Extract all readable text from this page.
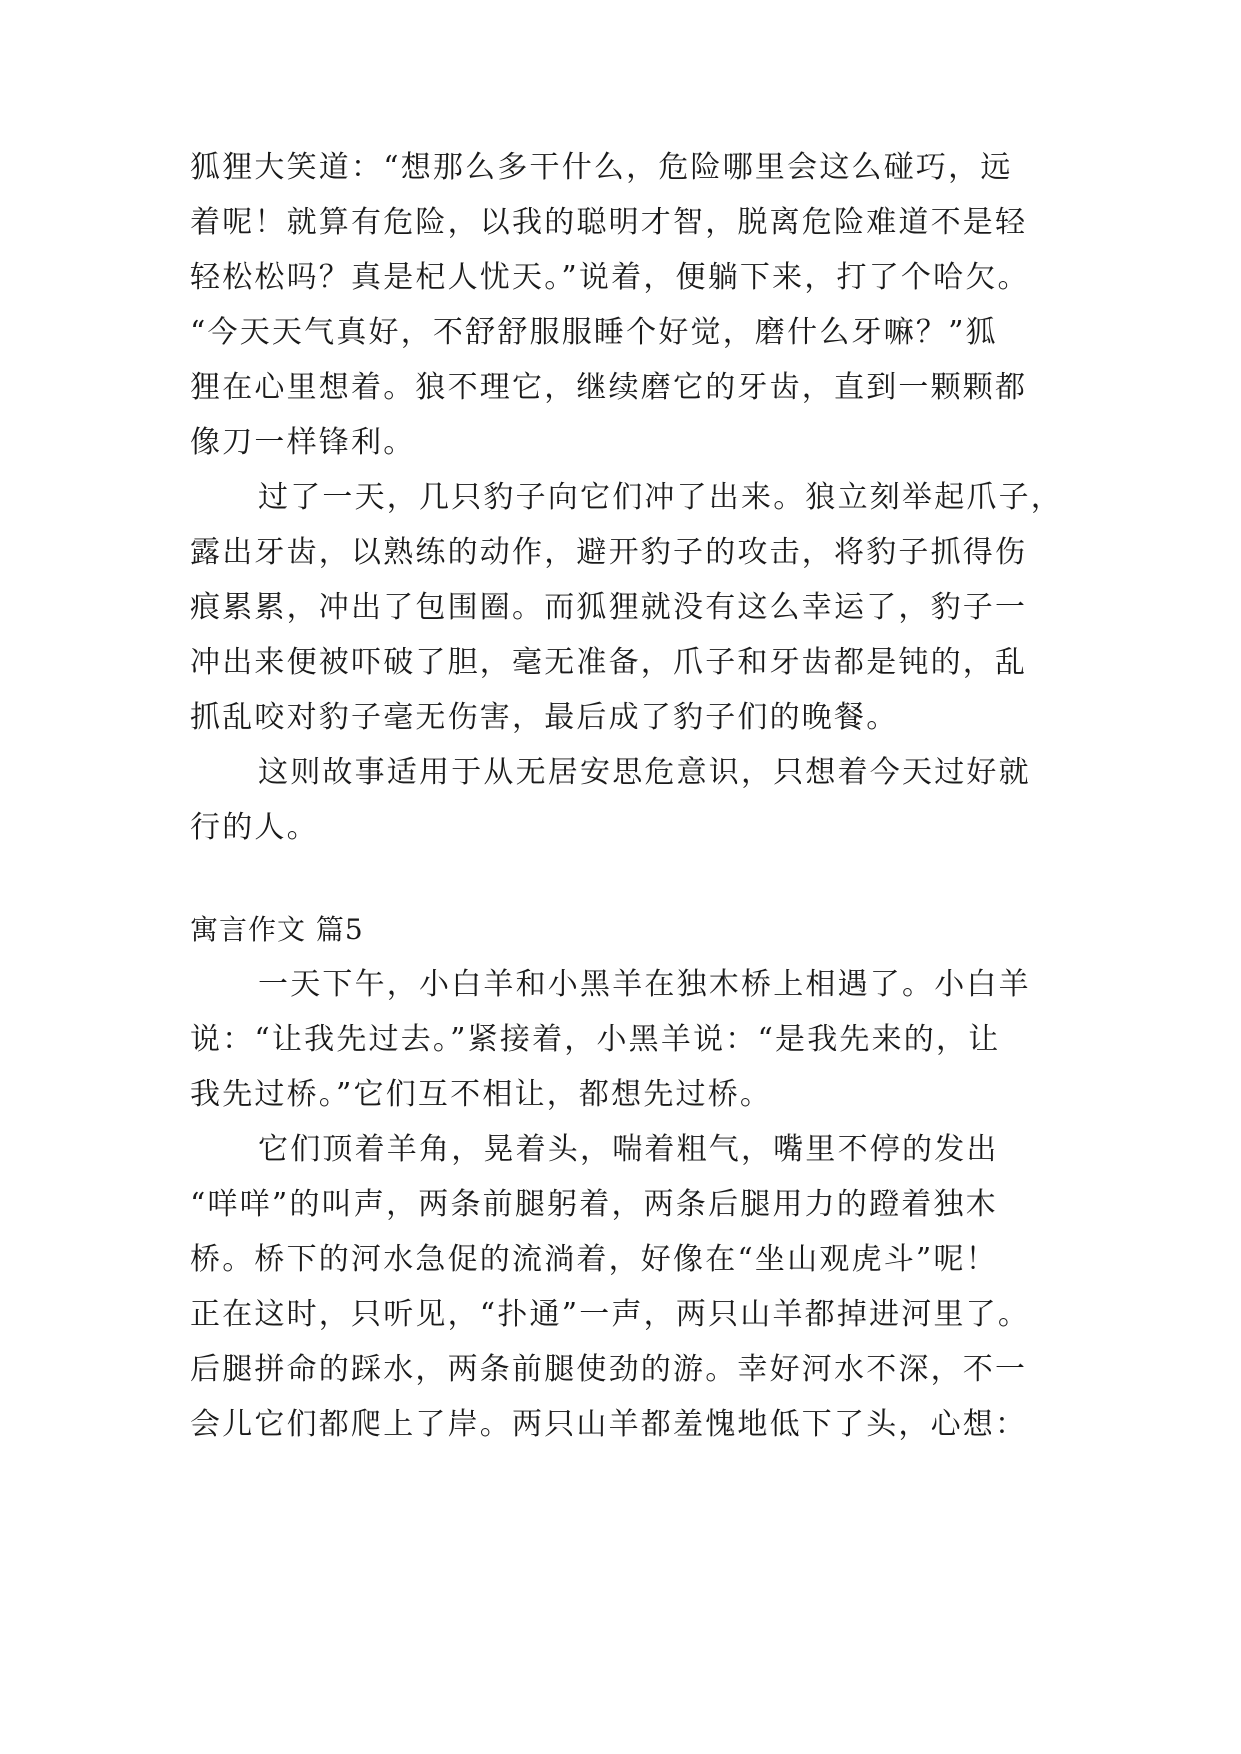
狐狸大笑道：“想那么多干什么，危险哪里会这么碰巧，远
着呢！就算有危险，以我的聪明才智，脱离危险难道不是轻
轻松松吗？真是杞人忧天。”说着，便躺下来，打了个哈欠。
“今天天气真好，不舒舒服服睡个好觉，磨什么牙嘛？”狐
狸在心里想着。狼不理它，继续磨它的牙齿，直到一颗颗都
像刀一样锋利。
过了一天，几只豹子向它们冲了出来。狼立刻举起爪子，
露出牙齿，以熟练的动作，避开豹子的攻击，将豹子抓得伤
痕累累，冲出了包围圈。而狐狸就没有这么幸运了，豹子一
冲出来便被吓破了胆，毫无准备，爪子和牙齿都是钝的，乱
抓乱咬对豹子毫无伤害，最后成了豹子们的晚餐。
这则故事适用于从无居安思危意识，只想着今天过好就
行的人。
寓言作文 篇5
一天下午，小白羊和小黑羊在独木桥上相遇了。小白羊
说：“让我先过去。”紧接着，小黑羊说：“是我先来的，让
我先过桥。”它们互不相让，都想先过桥。
它们顶着羊角，晃着头，喘着粗气，嘴里不停的发出
“咩咩”的叫声，两条前腿躬着，两条后腿用力的蹬着独木
桥。桥下的河水急促的流淌着，好像在“坐山观虎斗”呢！
正在这时，只听见，“扑通”一声，两只山羊都掉进河里了。
后腿拼命的踩水，两条前腿使劲的游。幸好河水不深，不一
会儿它们都爬上了岸。两只山羊都羞愧地低下了头，心想：
